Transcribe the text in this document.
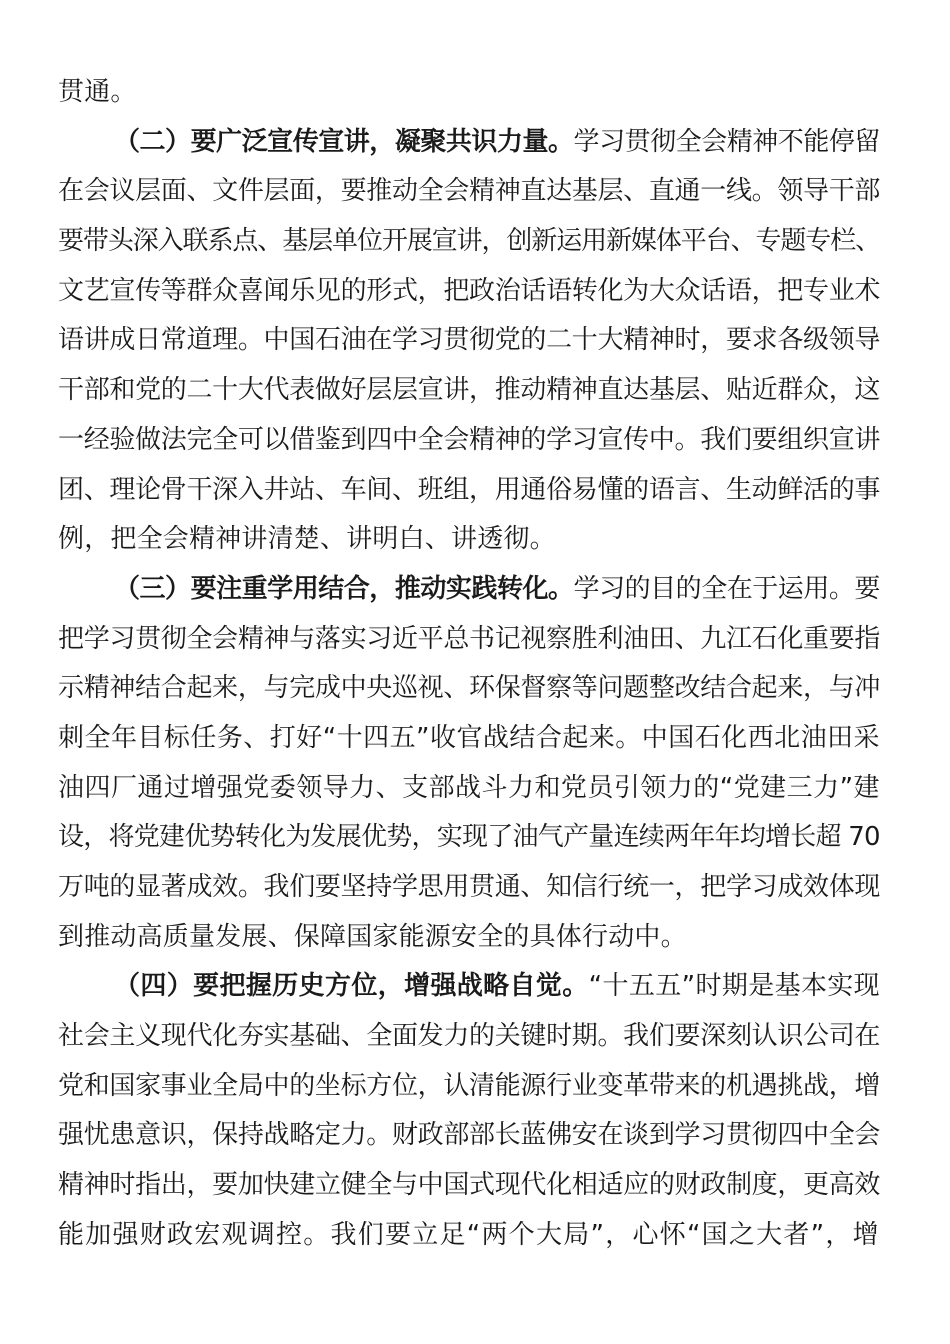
贯通。
（二）要广泛宣传宣讲，凝聚共识力量。学习贯彻全会精神不能停留
在会议层面、文件层面，要推动全会精神直达基层、直通一线。领导干部
要带头深入联系点、基层单位开展宣讲，创新运用新媒体平台、专题专栏、
文艺宣传等群众喜闻乐见的形式，把政治话语转化为大众话语，把专业术
语讲成日常道理。中国石油在学习贯彻党的二十大精神时，要求各级领导
干部和党的二十大代表做好层层宣讲，推动精神直达基层、贴近群众，这
一经验做法完全可以借鉴到四中全会精神的学习宣传中。我们要组织宣讲
团、理论骨干深入井站、车间、班组，用通俗易懂的语言、生动鲜活的事
例，把全会精神讲清楚、讲明白、讲透彻。
（三）要注重学用结合，推动实践转化。学习的目的全在于运用。要
把学习贯彻全会精神与落实习近平总书记视察胜利油田、九江石化重要指
示精神结合起来，与完成中央巡视、环保督察等问题整改结合起来，与冲
刺全年目标任务、打好“十四五”收官战结合起来。中国石化西北油田采
油四厂通过增强党委领导力、支部战斗力和党员引领力的“党建三力”建
设，将党建优势转化为发展优势，实现了油气产量连续两年年均增长超 70
万吨的显著成效。我们要坚持学思用贯通、知信行统一，把学习成效体现
到推动高质量发展、保障国家能源安全的具体行动中。
（四）要把握历史方位，增强战略自觉。“十五五”时期是基本实现
社会主义现代化夯实基础、全面发力的关键时期。我们要深刻认识公司在
党和国家事业全局中的坐标方位，认清能源行业变革带来的机遇挑战，增
强忧患意识，保持战略定力。财政部部长蓝佛安在谈到学习贯彻四中全会
精神时指出，要加快建立健全与中国式现代化相适应的财政制度，更高效
能加强财政宏观调控。我们要立足“两个大局”，心怀“国之大者”，增
